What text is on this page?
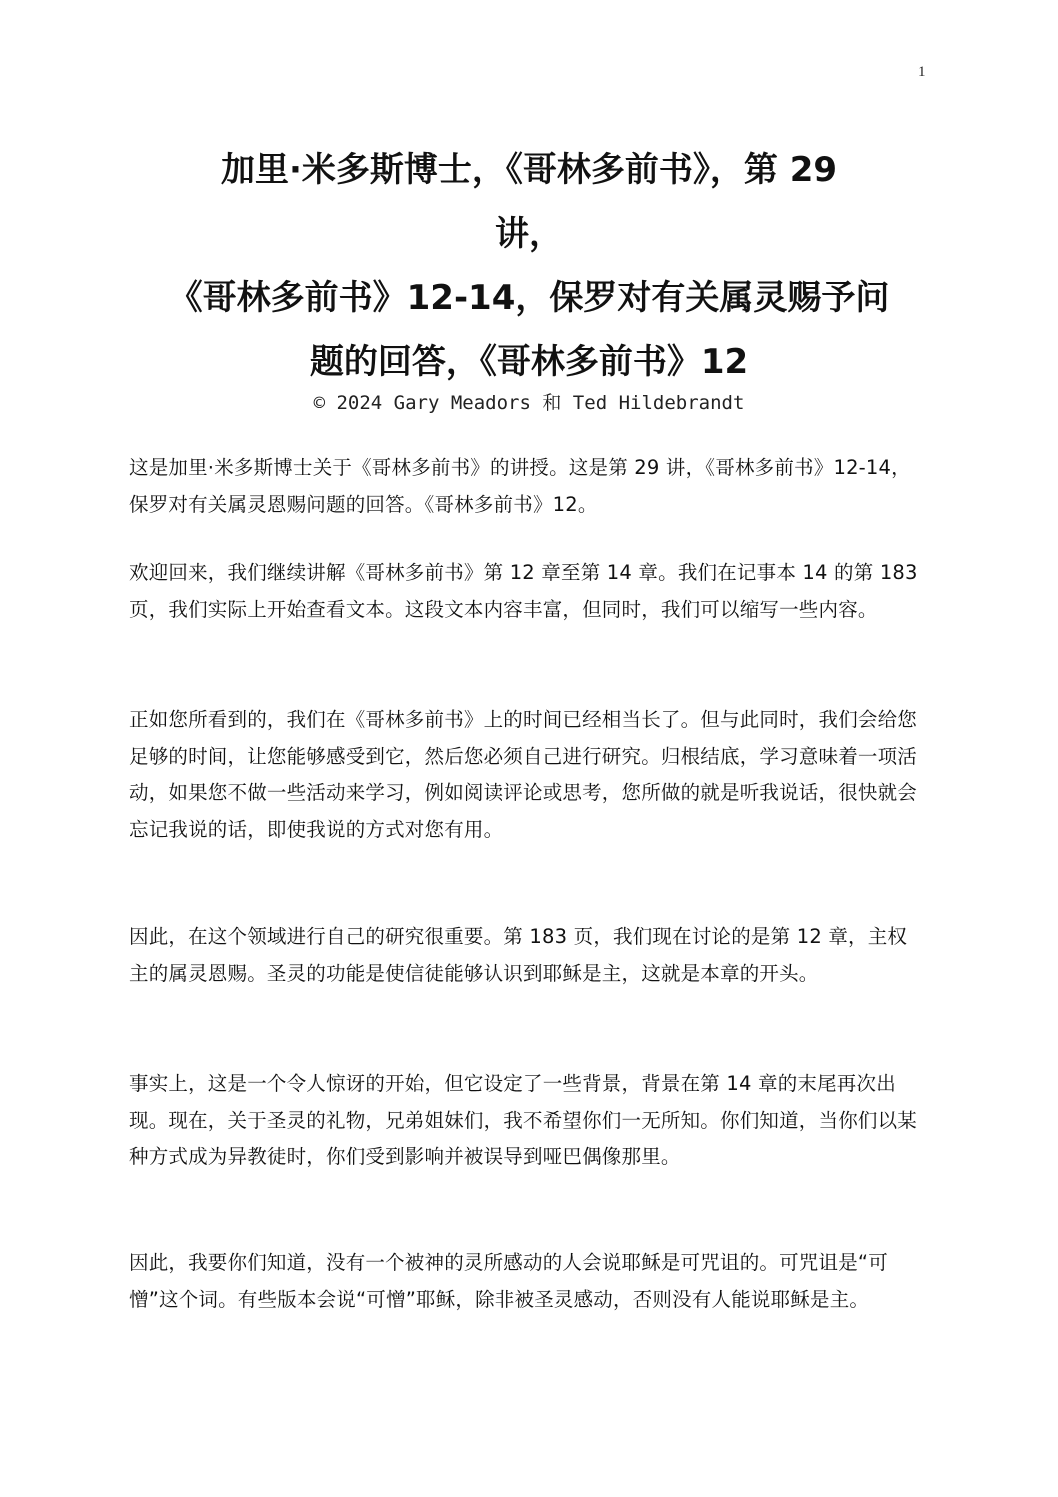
1
加里·米多斯博士，《哥林多前书》，第 29
讲，
《哥林多前书》12-14，保罗对有关属灵赐予问
题的回答，《哥林多前书》12
© 2024 Gary Meadors 和 Ted Hildebrandt

这是加里·米多斯博士关于《哥林多前书》的讲授。这是第 29 讲，《哥林多前书》12-14，保罗对有关属灵恩赐问题的回答。《哥林多前书》12。

欢迎回来，我们继续讲解《哥林多前书》第 12 章至第 14 章。我们在记事本 14 的第 183 页，我们实际上开始查看文本。这段文本内容丰富，但同时，我们可以缩写一些内容。

正如您所看到的，我们在《哥林多前书》上的时间已经相当长了。但与此同时，我们会给您足够的时间，让您能够感受到它，然后您必须自己进行研究。归根结底，学习意味着一项活动，如果您不做一些活动来学习，例如阅读评论或思考，您所做的就是听我说话，很快就会忘记我说的话，即使我说的方式对您有用。

因此，在这个领域进行自己的研究很重要。第 183 页，我们现在讨论的是第 12 章，主权主的属灵恩赐。圣灵的功能是使信徒能够认识到耶稣是主，这就是本章的开头。

事实上，这是一个令人惊讶的开始，但它设定了一些背景，背景在第 14 章的末尾再次出现。现在，关于圣灵的礼物，兄弟姐妹们，我不希望你们一无所知。你们知道，当你们以某种方式成为异教徒时，你们受到影响并被误导到哑巴偶像那里。

因此，我要你们知道，没有一个被神的灵所感动的人会说耶稣是可咒诅的。可咒诅是“可憎”这个词。有些版本会说“可憎”耶稣，除非被圣灵感动，否则没有人能说耶稣是主。
